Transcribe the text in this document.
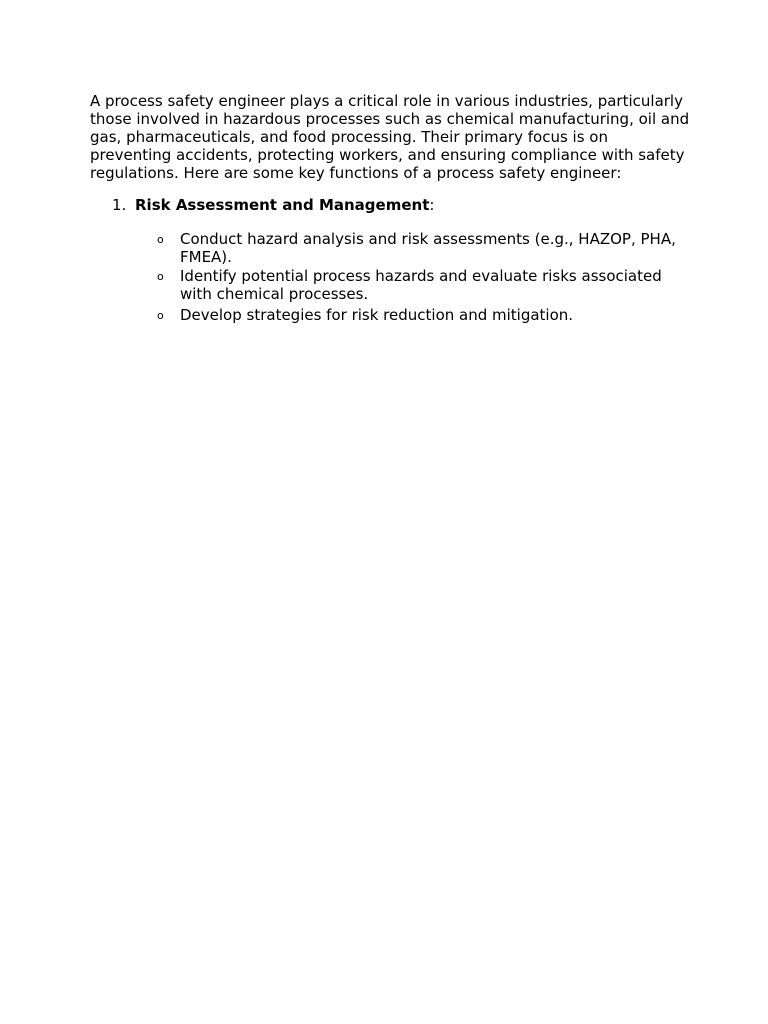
A process safety engineer plays a critical role in various industries, particularly those involved in hazardous processes such as chemical manufacturing, oil and gas, pharmaceuticals, and food processing. Their primary focus is on preventing accidents, protecting workers, and ensuring compliance with safety regulations. Here are some key functions of a process safety engineer:

1. Risk Assessment and Management:
o Conduct hazard analysis and risk assessments (e.g., HAZOP, PHA, FMEA).
o Identify potential process hazards and evaluate risks associated with chemical processes.
o Develop strategies for risk reduction and mitigation.
